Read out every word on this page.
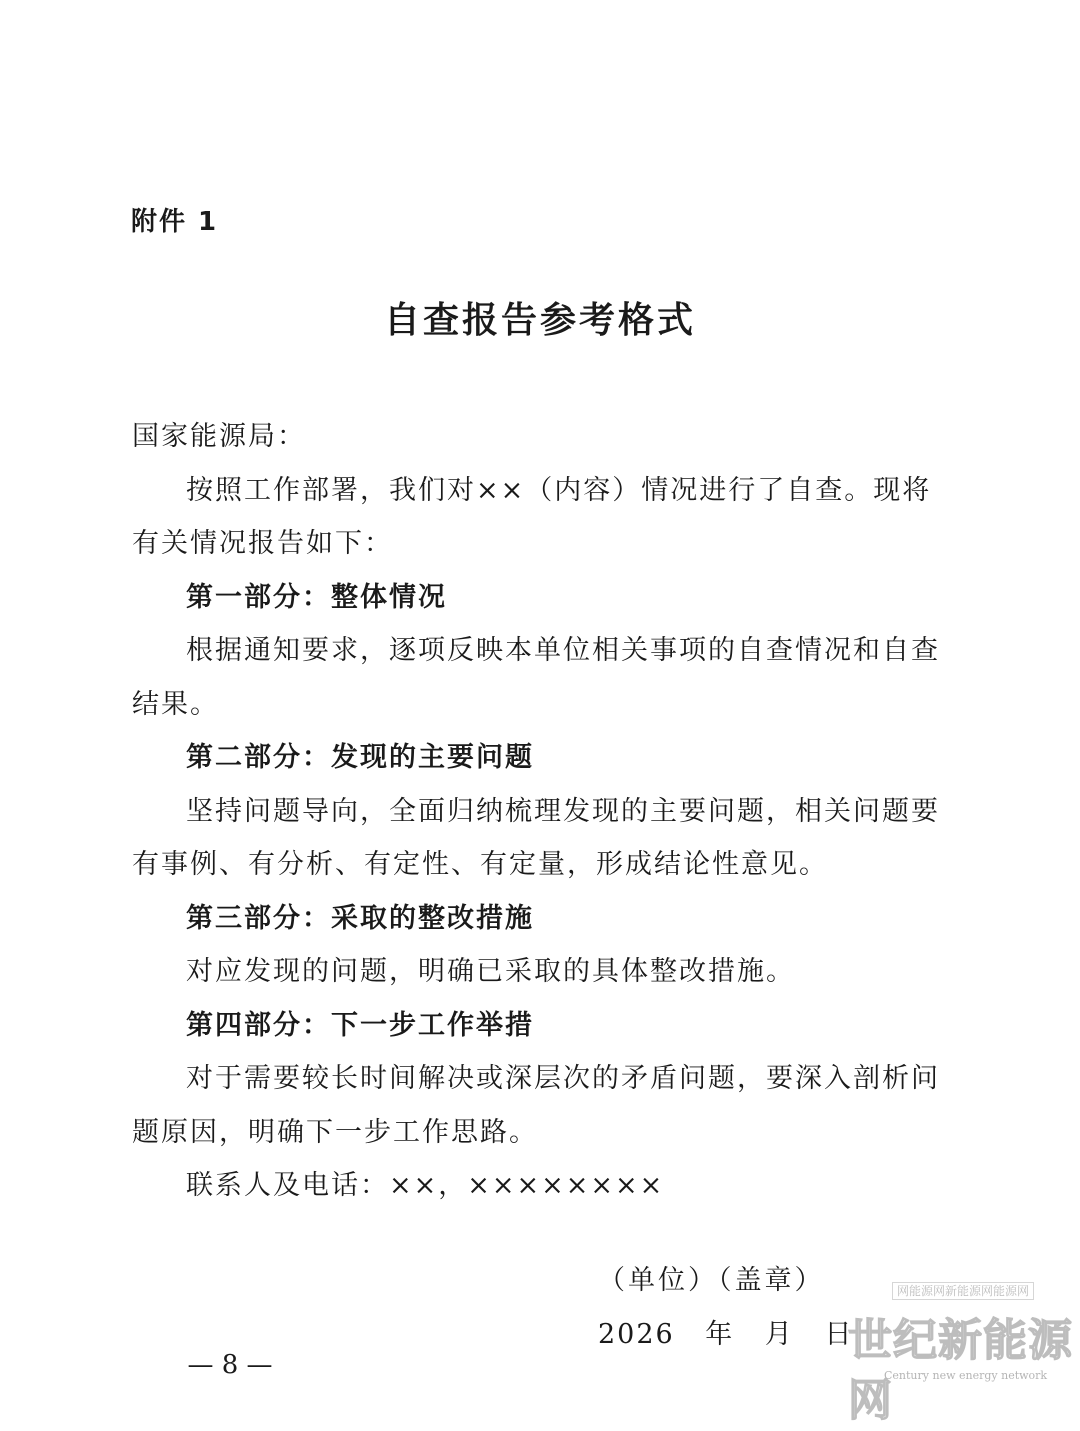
附件 1
自查报告参考格式

国家能源局：

按照工作部署，我们对××（内容）情况进行了自查。现将有关情况报告如下：

第一部分：整体情况

根据通知要求，逐项反映本单位相关事项的自查情况和自查结果。

第二部分：发现的主要问题

坚持问题导向，全面归纳梳理发现的主要问题，相关问题要有事例、有分析、有定性、有定量，形成结论性意见。

第三部分：采取的整改措施

对应发现的问题，明确已采取的具体整改措施。

第四部分：下一步工作举措

对于需要较长时间解决或深层次的矛盾问题，要深入剖析问题原因，明确下一步工作思路。

联系人及电话：××，××××××××

（单位）（盖章）
2026 年 月 日
— 8 —
网能源网新能源网能源网
世纪新能源网
Century new energy network
